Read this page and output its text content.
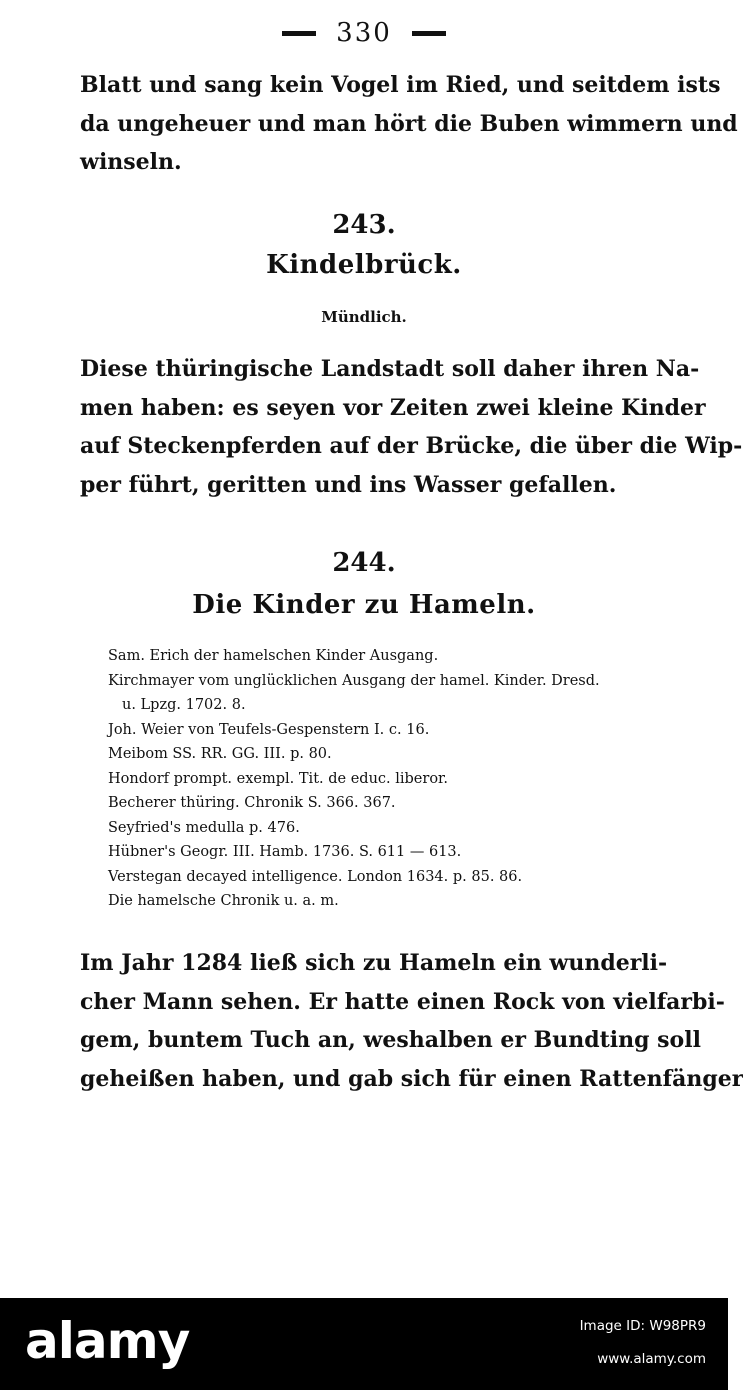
330
Blatt und sang kein Vogel im Ried, und seitdem ists
da ungeheuer und man hört die Buben wimmern und
winseln.
243.
Kindelbrück.
Mündlich.
Diese thüringische Landstadt soll daher ihren Na-
men haben: es seyen vor Zeiten zwei kleine Kinder
auf Steckenpferden auf der Brücke, die über die Wip-
per führt, geritten und ins Wasser gefallen.
244.
Die Kinder zu Hameln.
Sam. Erich der hamelschen Kinder Ausgang.
Kirchmayer vom unglücklichen Ausgang der hamel. Kinder. Dresd.
u. Lpzg. 1702. 8.
Joh. Weier von Teufels-Gespenstern I. c. 16.
Meibom SS. RR. GG. III. p. 80.
Hondorf prompt. exempl. Tit. de educ. liberor.
Becherer thüring. Chronik S. 366. 367.
Seyfried's medulla p. 476.
Hübner's Geogr. III. Hamb. 1736. S. 611 — 613.
Verstegan decayed intelligence. London 1634. p. 85. 86.
Die hamelsche Chronik u. a. m.
Im Jahr 1284 ließ sich zu Hameln ein wunderli-
cher Mann sehen. Er hatte einen Rock von vielfarbi-
gem, buntem Tuch an, weshalben er Bundting soll
geheißen haben, und gab sich für einen Rattenfänger
alamy	Image ID: W98PR9
www.alamy.com
